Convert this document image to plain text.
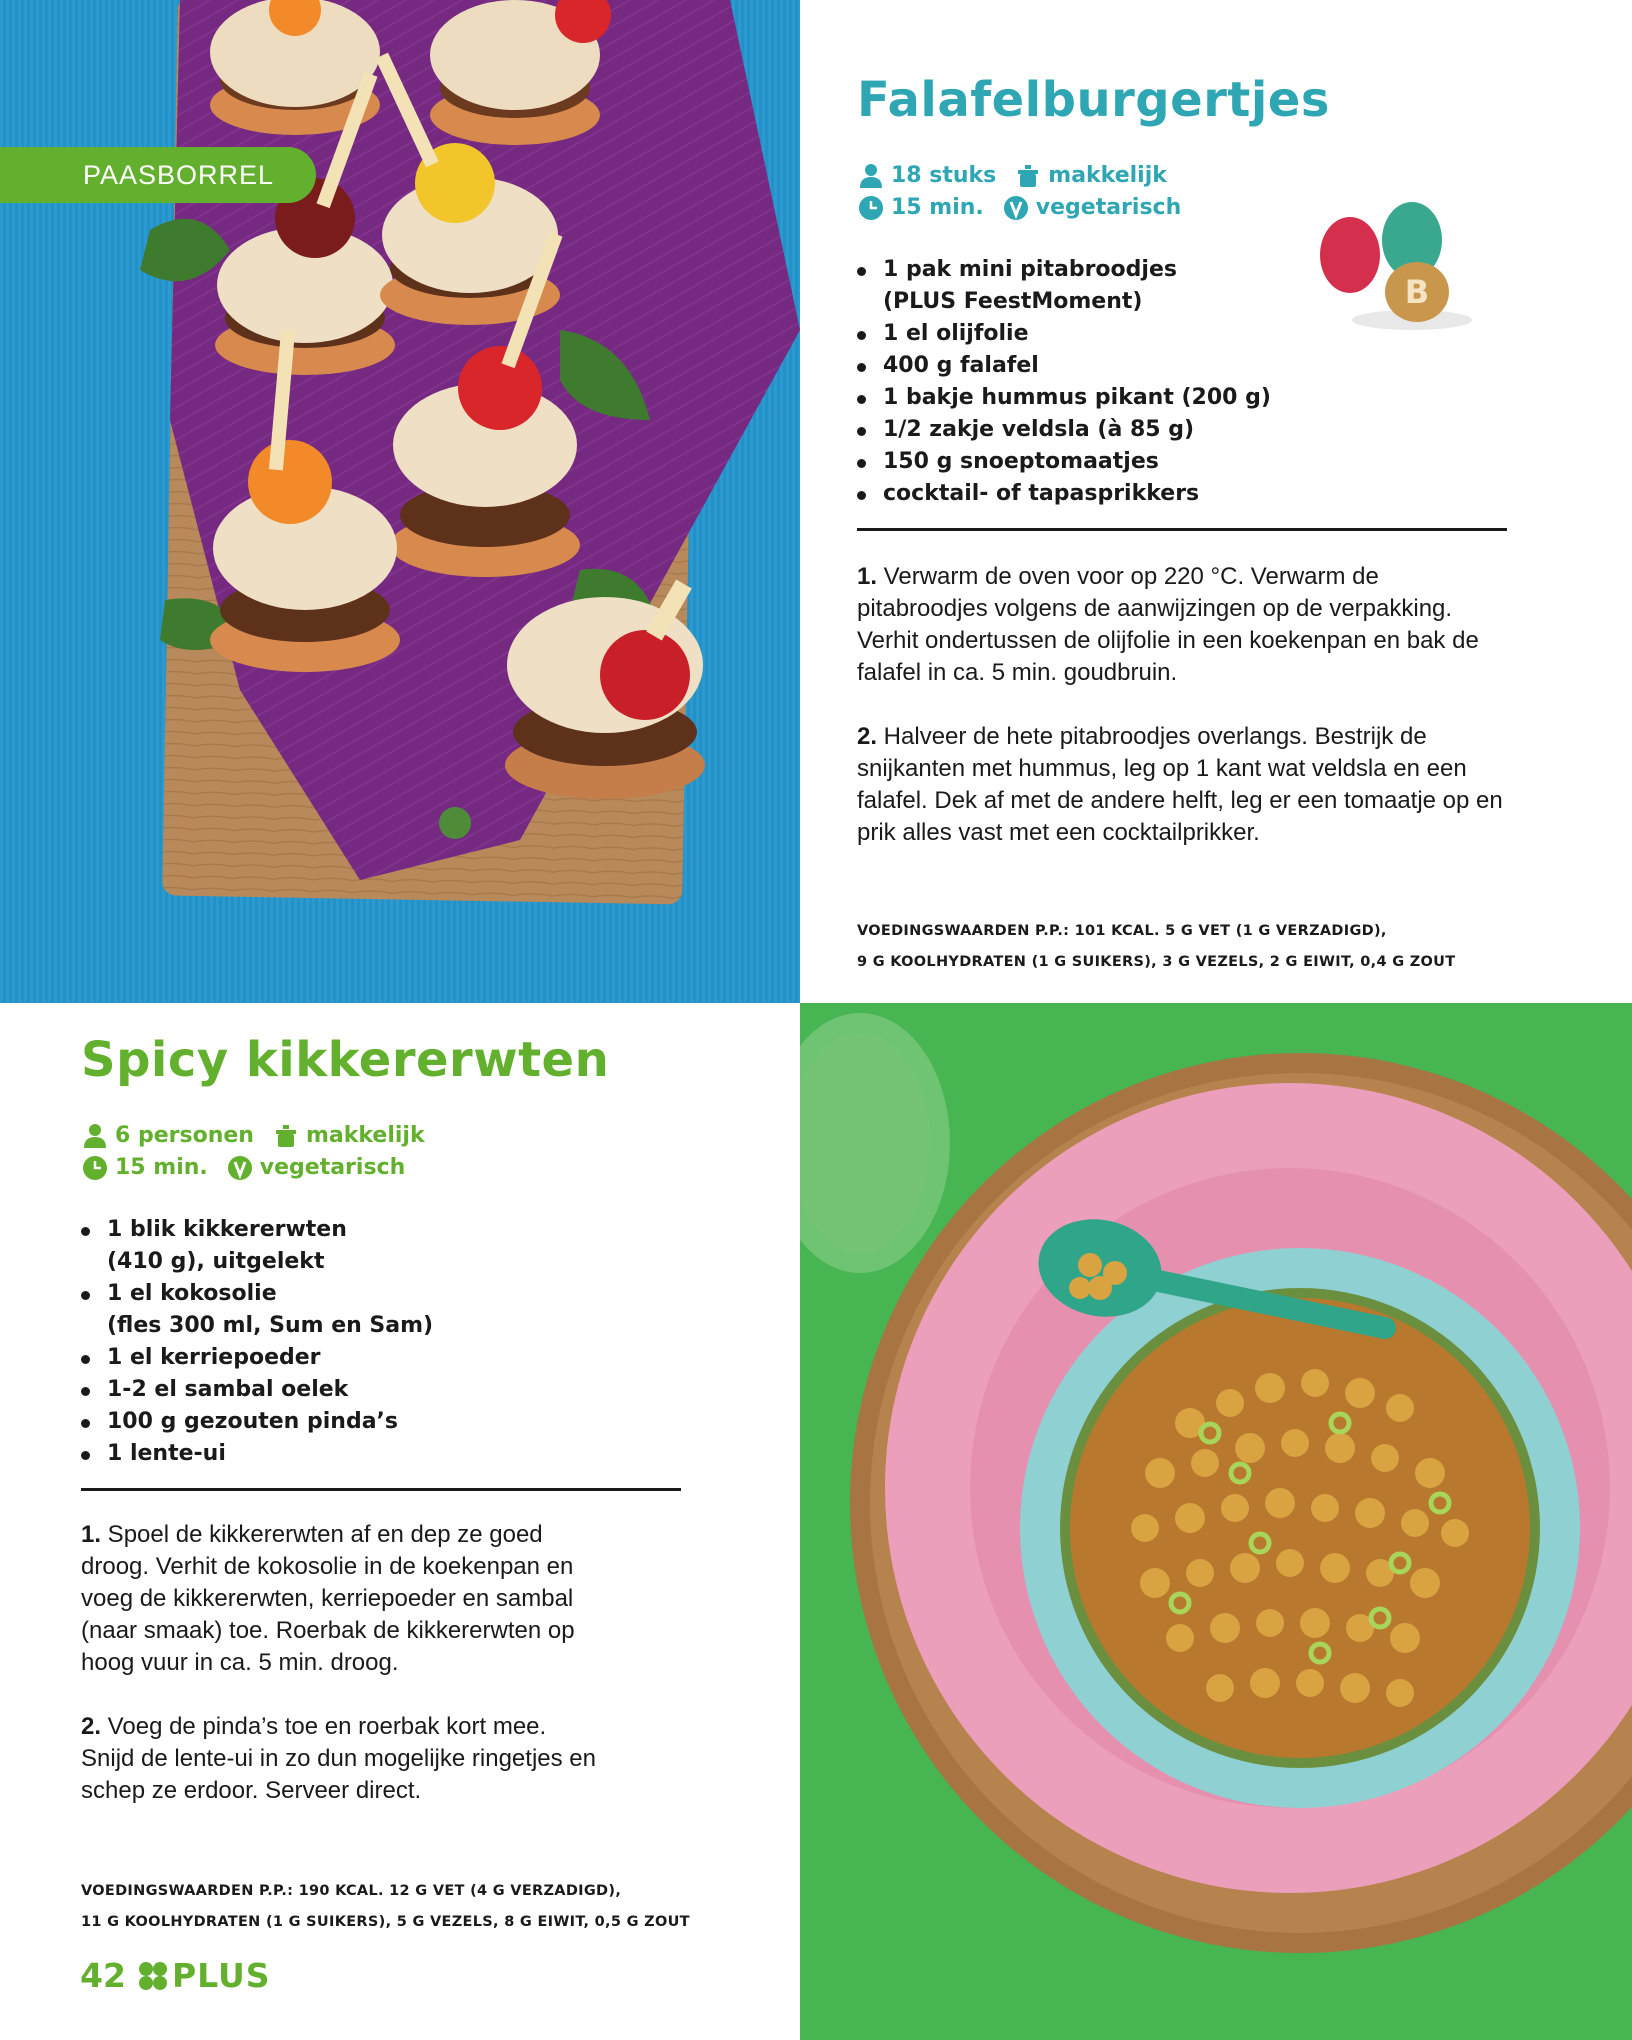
PAASBORREL
Falafelburgertjes
18 stuks makkelijk
15 min. vegetarisch
1 pak mini pitabroodjes
(PLUS FeestMoment)
1 el olijfolie
400 g falafel
1 bakje hummus pikant (200 g)
1/2 zakje veldsla (à 85 g)
150 g snoeptomaatjes
cocktail- of tapasprikkers

1. Verwarm de oven voor op 220 °C. Verwarm de pitabroodjes volgens de aanwijzingen op de verpakking. Verhit ondertussen de olijfolie in een koekenpan en bak de falafel in ca. 5 min. goudbruin.

2. Halveer de hete pitabroodjes overlangs. Bestrijk de snijkanten met hummus, leg op 1 kant wat veldsla en een falafel. Dek af met de andere helft, leg er een tomaatje op en prik alles vast met een cocktailprikker.

B
VOEDINGSWAARDEN P.P.: 101 KCAL. 5 G VET (1 G VERZADIGD),
9 G KOOLHYDRATEN (1 G SUIKERS), 3 G VEZELS, 2 G EIWIT, 0,4 G ZOUT
Spicy kikkererwten
6 personen makkelijk
15 min. vegetarisch
1 blik kikkererwten
(410 g), uitgelekt
1 el kokosolie
(fles 300 ml, Sum en Sam)
1 el kerriepoeder
1-2 el sambal oelek
100 g gezouten pinda’s
1 lente-ui

1. Spoel de kikkererwten af en dep ze goed droog. Verhit de kokosolie in de koekenpan en voeg de kikkererwten, kerriepoeder en sambal (naar smaak) toe. Roerbak de kikkererwten op hoog vuur in ca. 5 min. droog.

2. Voeg de pinda’s toe en roerbak kort mee. Snijd de lente-ui in zo dun mogelijke ringetjes en schep ze erdoor. Serveer direct.

VOEDINGSWAARDEN P.P.: 190 KCAL. 12 G VET (4 G VERZADIGD),
11 G KOOLHYDRATEN (1 G SUIKERS), 5 G VEZELS, 8 G EIWIT, 0,5 G ZOUT
42 PLUS
